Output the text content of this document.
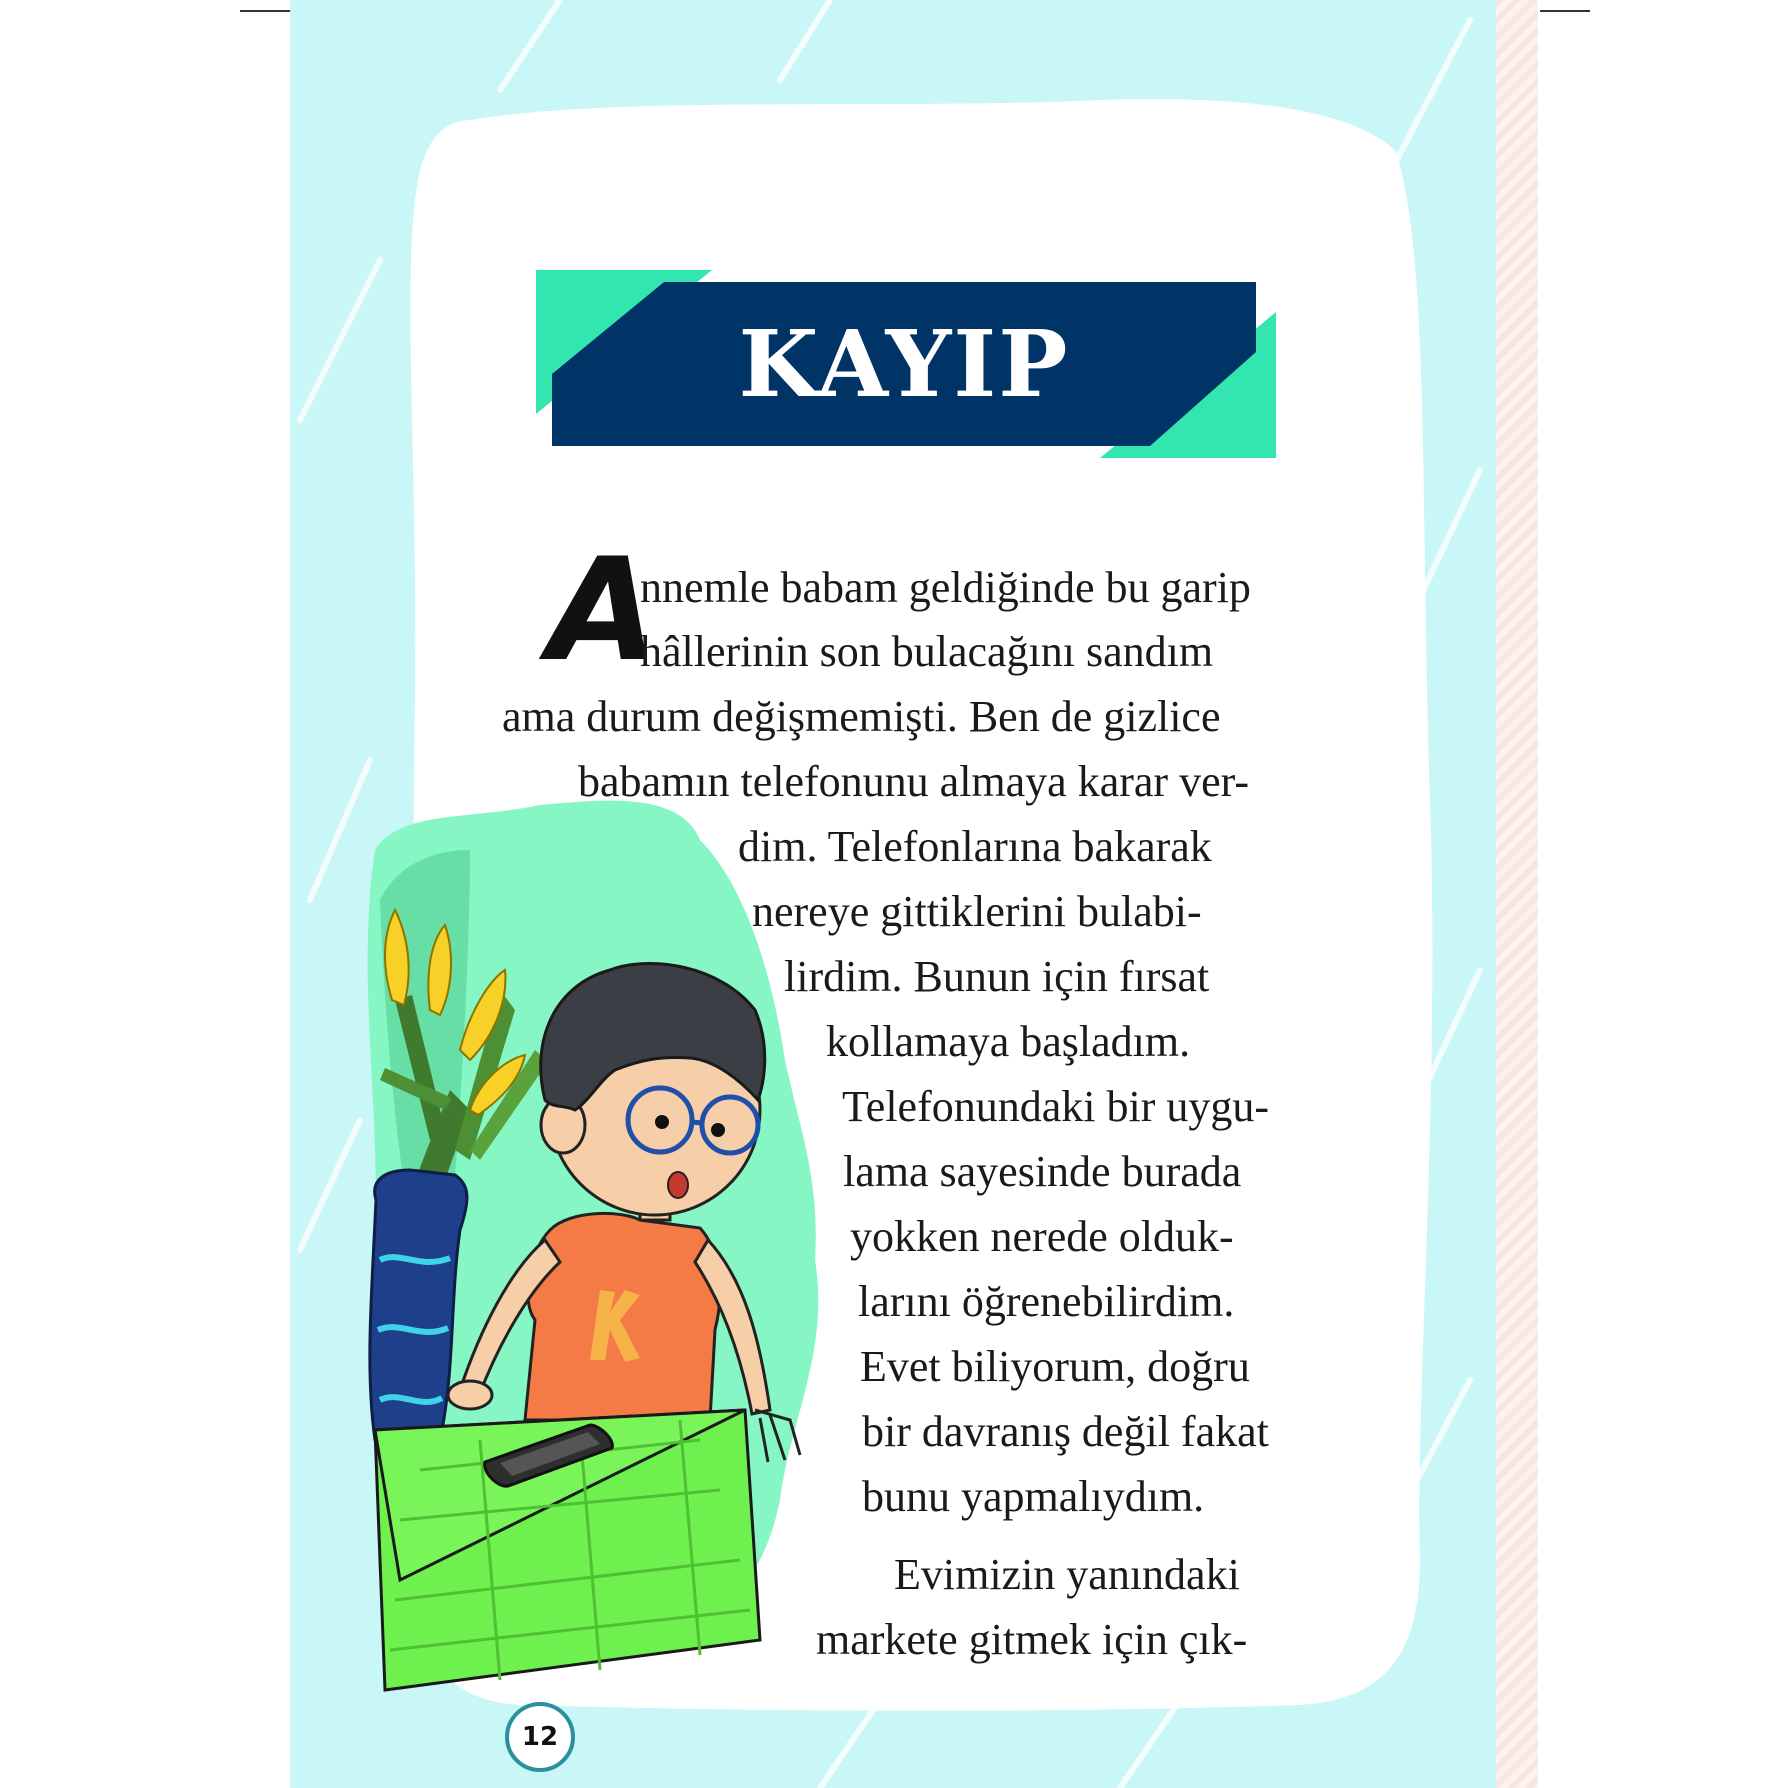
KAYIP
A
nnemle babam geldiğinde bu garip
hâllerinin son bulacağını sandım
ama durum değişmemişti. Ben de gizlice
babamın telefonunu almaya karar ver-
dim. Telefonlarına bakarak
nereye gittiklerini bulabi-
lirdim. Bunun için fırsat
kollamaya başladım.
Telefonundaki bir uygu-
lama sayesinde burada
yokken nerede olduk-
larını öğrenebilirdim.
Evet biliyorum, doğru
bir davranış değil fakat
bunu yapmalıydım.
Evimizin yanındaki
markete gitmek için çık-
12
